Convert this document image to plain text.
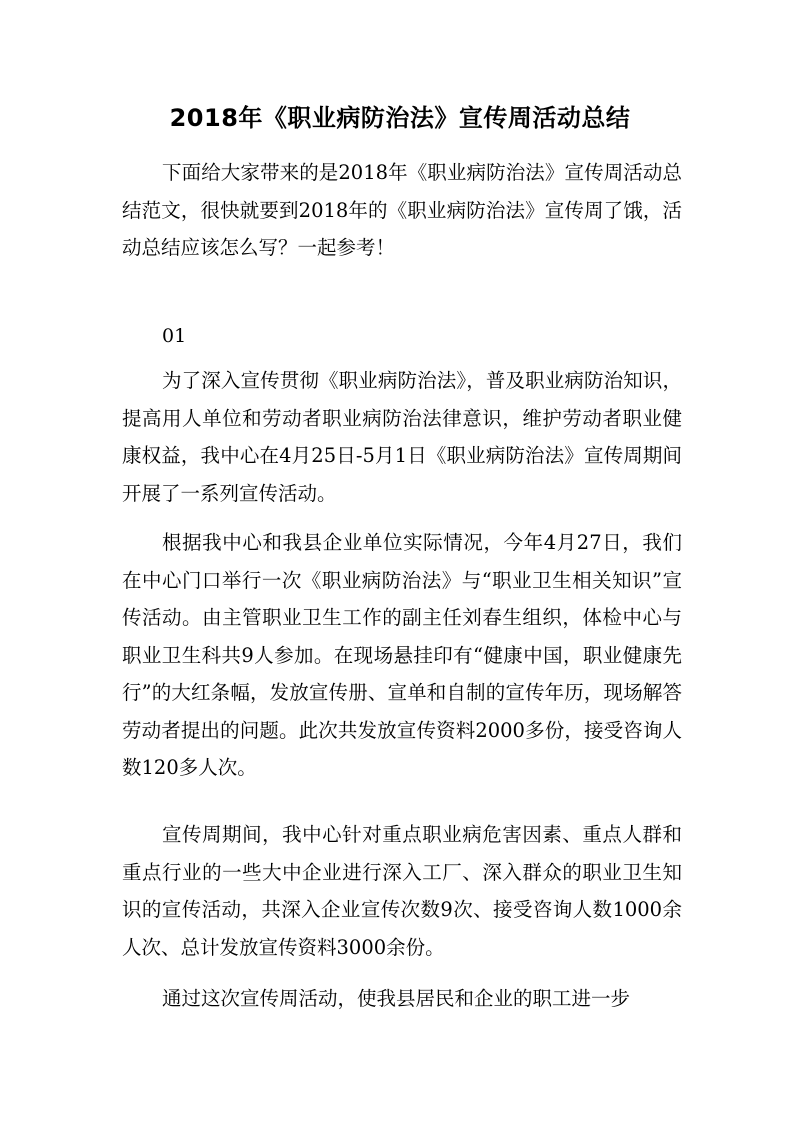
2018年《职业病防治法》宣传周活动总结

下面给大家带来的是2018年《职业病防治法》宣传周活动总结范文，很快就要到2018年的《职业病防治法》宣传周了饿，活动总结应该怎么写？一起参考！

01

为了深入宣传贯彻《职业病防治法》，普及职业病防治知识，提高用人单位和劳动者职业病防治法律意识，维护劳动者职业健康权益，我中心在4月25日-5月1日《职业病防治法》宣传周期间开展了一系列宣传活动。

根据我中心和我县企业单位实际情况，今年4月27日，我们在中心门口举行一次《职业病防治法》与“职业卫生相关知识”宣传活动。由主管职业卫生工作的副主任刘春生组织，体检中心与职业卫生科共9人参加。在现场悬挂印有“健康中国，职业健康先行”的大红条幅，发放宣传册、宣单和自制的宣传年历，现场解答劳动者提出的问题。此次共发放宣传资料2000多份，接受咨询人数120多人次。

宣传周期间，我中心针对重点职业病危害因素、重点人群和重点行业的一些大中企业进行深入工厂、深入群众的职业卫生知识的宣传活动，共深入企业宣传次数9次、接受咨询人数1000余人次、总计发放宣传资料3000余份。

通过这次宣传周活动，使我县居民和企业的职工进一步
